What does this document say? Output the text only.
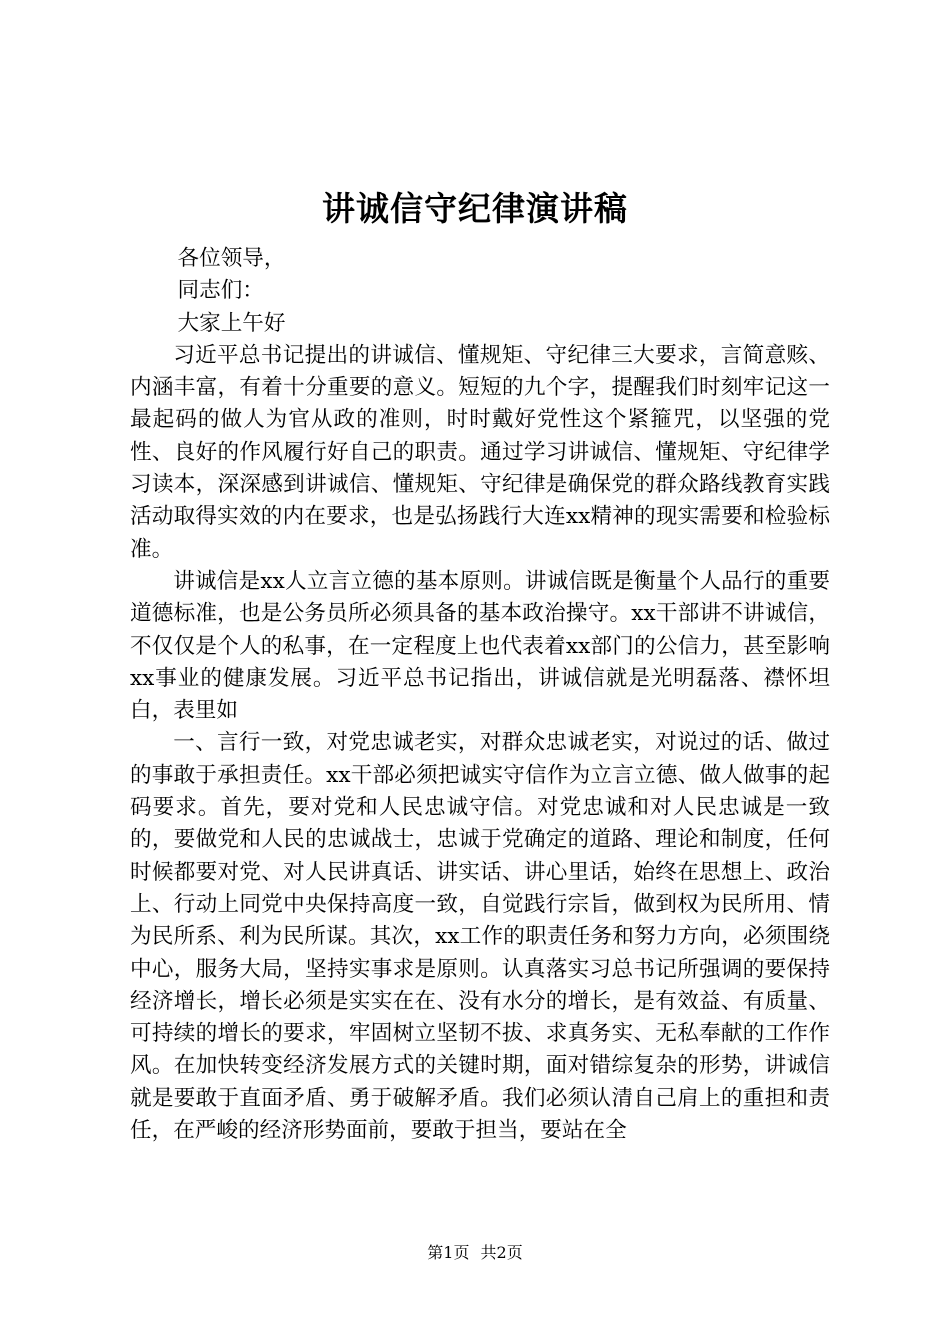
讲诚信守纪律演讲稿

各位领导，

同志们：

大家上午好

习近平总书记提出的讲诚信、懂规矩、守纪律三大要求，言简意赅、内涵丰富，有着十分重要的意义。短短的九个字，提醒我们时刻牢记这一最起码的做人为官从政的准则，时时戴好党性这个紧箍咒，以坚强的党性、良好的作风履行好自己的职责。通过学习讲诚信、懂规矩、守纪律学习读本，深深感到讲诚信、懂规矩、守纪律是确保党的群众路线教育实践活动取得实效的内在要求，也是弘扬践行大连xx精神的现实需要和检验标准。

讲诚信是xx人立言立德的基本原则。讲诚信既是衡量个人品行的重要道德标准，也是公务员所必须具备的基本政治操守。xx干部讲不讲诚信，不仅仅是个人的私事，在一定程度上也代表着xx部门的公信力，甚至影响xx事业的健康发展。习近平总书记指出，讲诚信就是光明磊落、襟怀坦白，表里如

一、言行一致，对党忠诚老实，对群众忠诚老实，对说过的话、做过的事敢于承担责任。xx干部必须把诚实守信作为立言立德、做人做事的起码要求。首先，要对党和人民忠诚守信。对党忠诚和对人民忠诚是一致的，要做党和人民的忠诚战士，忠诚于党确定的道路、理论和制度，任何时候都要对党、对人民讲真话、讲实话、讲心里话，始终在思想上、政治上、行动上同党中央保持高度一致，自觉践行宗旨，做到权为民所用、情为民所系、利为民所谋。其次，xx工作的职责任务和努力方向，必须围绕中心，服务大局，坚持实事求是原则。认真落实习总书记所强调的要保持经济增长，增长必须是实实在在、没有水分的增长，是有效益、有质量、可持续的增长的要求，牢固树立坚韧不拔、求真务实、无私奉献的工作作风。在加快转变经济发展方式的关键时期，面对错综复杂的形势，讲诚信就是要敢于直面矛盾、勇于破解矛盾。我们必须认清自己肩上的重担和责任，在严峻的经济形势面前，要敢于担当，要站在全

第1页 共2页
